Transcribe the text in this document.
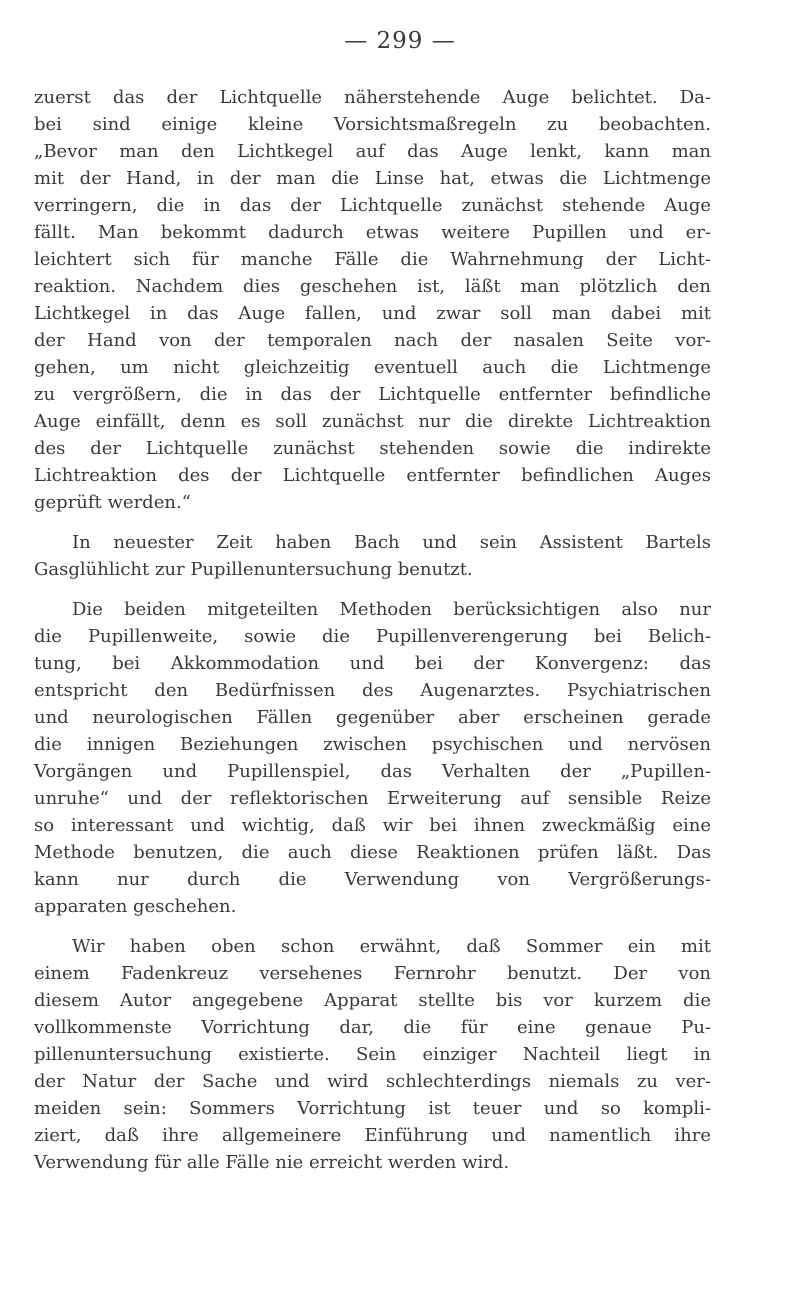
— 299 —
zuerst das der Lichtquelle näherstehende Auge belichtet. Da-
bei sind einige kleine Vorsichtsmaßregeln zu beobachten.
„Bevor man den Lichtkegel auf das Auge lenkt, kann man
mit der Hand, in der man die Linse hat, etwas die Lichtmenge
verringern, die in das der Lichtquelle zunächst stehende Auge
fällt. Man bekommt dadurch etwas weitere Pupillen und er-
leichtert sich für manche Fälle die Wahrnehmung der Licht-
reaktion. Nachdem dies geschehen ist, läßt man plötzlich den
Lichtkegel in das Auge fallen, und zwar soll man dabei mit
der Hand von der temporalen nach der nasalen Seite vor-
gehen, um nicht gleichzeitig eventuell auch die Lichtmenge
zu vergrößern, die in das der Lichtquelle entfernter befindliche
Auge einfällt, denn es soll zunächst nur die direkte Lichtreaktion
des der Lichtquelle zunächst stehenden sowie die indirekte
Lichtreaktion des der Lichtquelle entfernter befindlichen Auges
geprüft werden.“
In neuester Zeit haben Bach und sein Assistent Bartels
Gasglühlicht zur Pupillenuntersuchung benutzt.
Die beiden mitgeteilten Methoden berücksichtigen also nur
die Pupillenweite, sowie die Pupillenverengerung bei Belich-
tung, bei Akkommodation und bei der Konvergenz: das
entspricht den Bedürfnissen des Augenarztes. Psychiatrischen
und neurologischen Fällen gegenüber aber erscheinen gerade
die innigen Beziehungen zwischen psychischen und nervösen
Vorgängen und Pupillenspiel, das Verhalten der „Pupillen-
unruhe“ und der reflektorischen Erweiterung auf sensible Reize
so interessant und wichtig, daß wir bei ihnen zweckmäßig eine
Methode benutzen, die auch diese Reaktionen prüfen läßt. Das
kann nur durch die Verwendung von Vergrößerungs-
apparaten geschehen.
Wir haben oben schon erwähnt, daß Sommer ein mit
einem Fadenkreuz versehenes Fernrohr benutzt. Der von
diesem Autor angegebene Apparat stellte bis vor kurzem die
vollkommenste Vorrichtung dar, die für eine genaue Pu-
pillenuntersuchung existierte. Sein einziger Nachteil liegt in
der Natur der Sache und wird schlechterdings niemals zu ver-
meiden sein: Sommers Vorrichtung ist teuer und so kompli-
ziert, daß ihre allgemeinere Einführung und namentlich ihre
Verwendung für alle Fälle nie erreicht werden wird.
